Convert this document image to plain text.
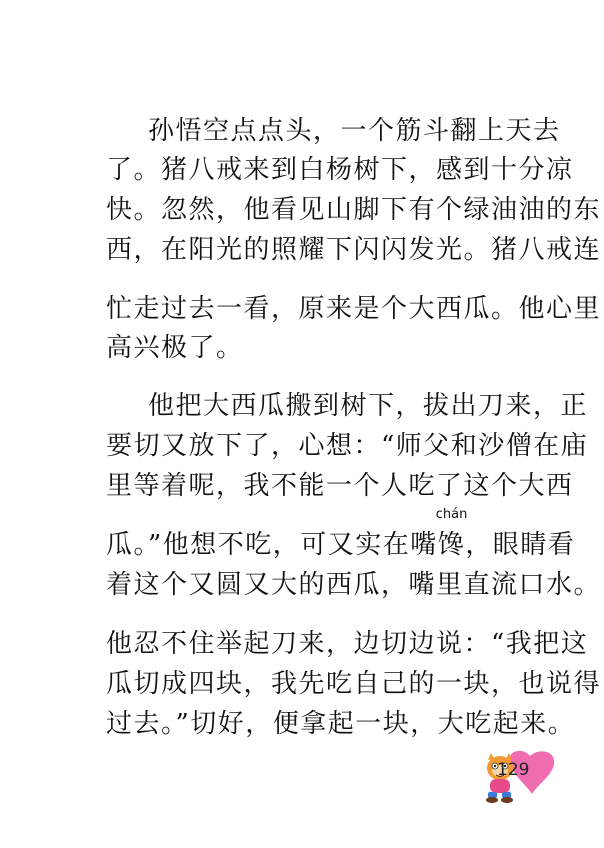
孙悟空点点头，一个筋斗翻上天去
了。猪八戒来到白杨树下，感到十分凉
快。忽然，他看见山脚下有个绿油油的东
西，在阳光的照耀下闪闪发光。猪八戒连
忙走过去一看，原来是个大西瓜。他心里
高兴极了。
他把大西瓜搬到树下，拔出刀来，正
要切又放下了，心想：“师父和沙僧在庙
里等着呢，我不能一个人吃了这个大西
瓜。”他想不吃，可又实在嘴
chán
馋，眼睛看
着这个又圆又大的西瓜，嘴里直流口水。
他忍不住举起刀来，边切边说：“我把这
瓜切成四块，我先吃自己的一块，也说得
过去。”切好，便拿起一块，大吃起来。
129
